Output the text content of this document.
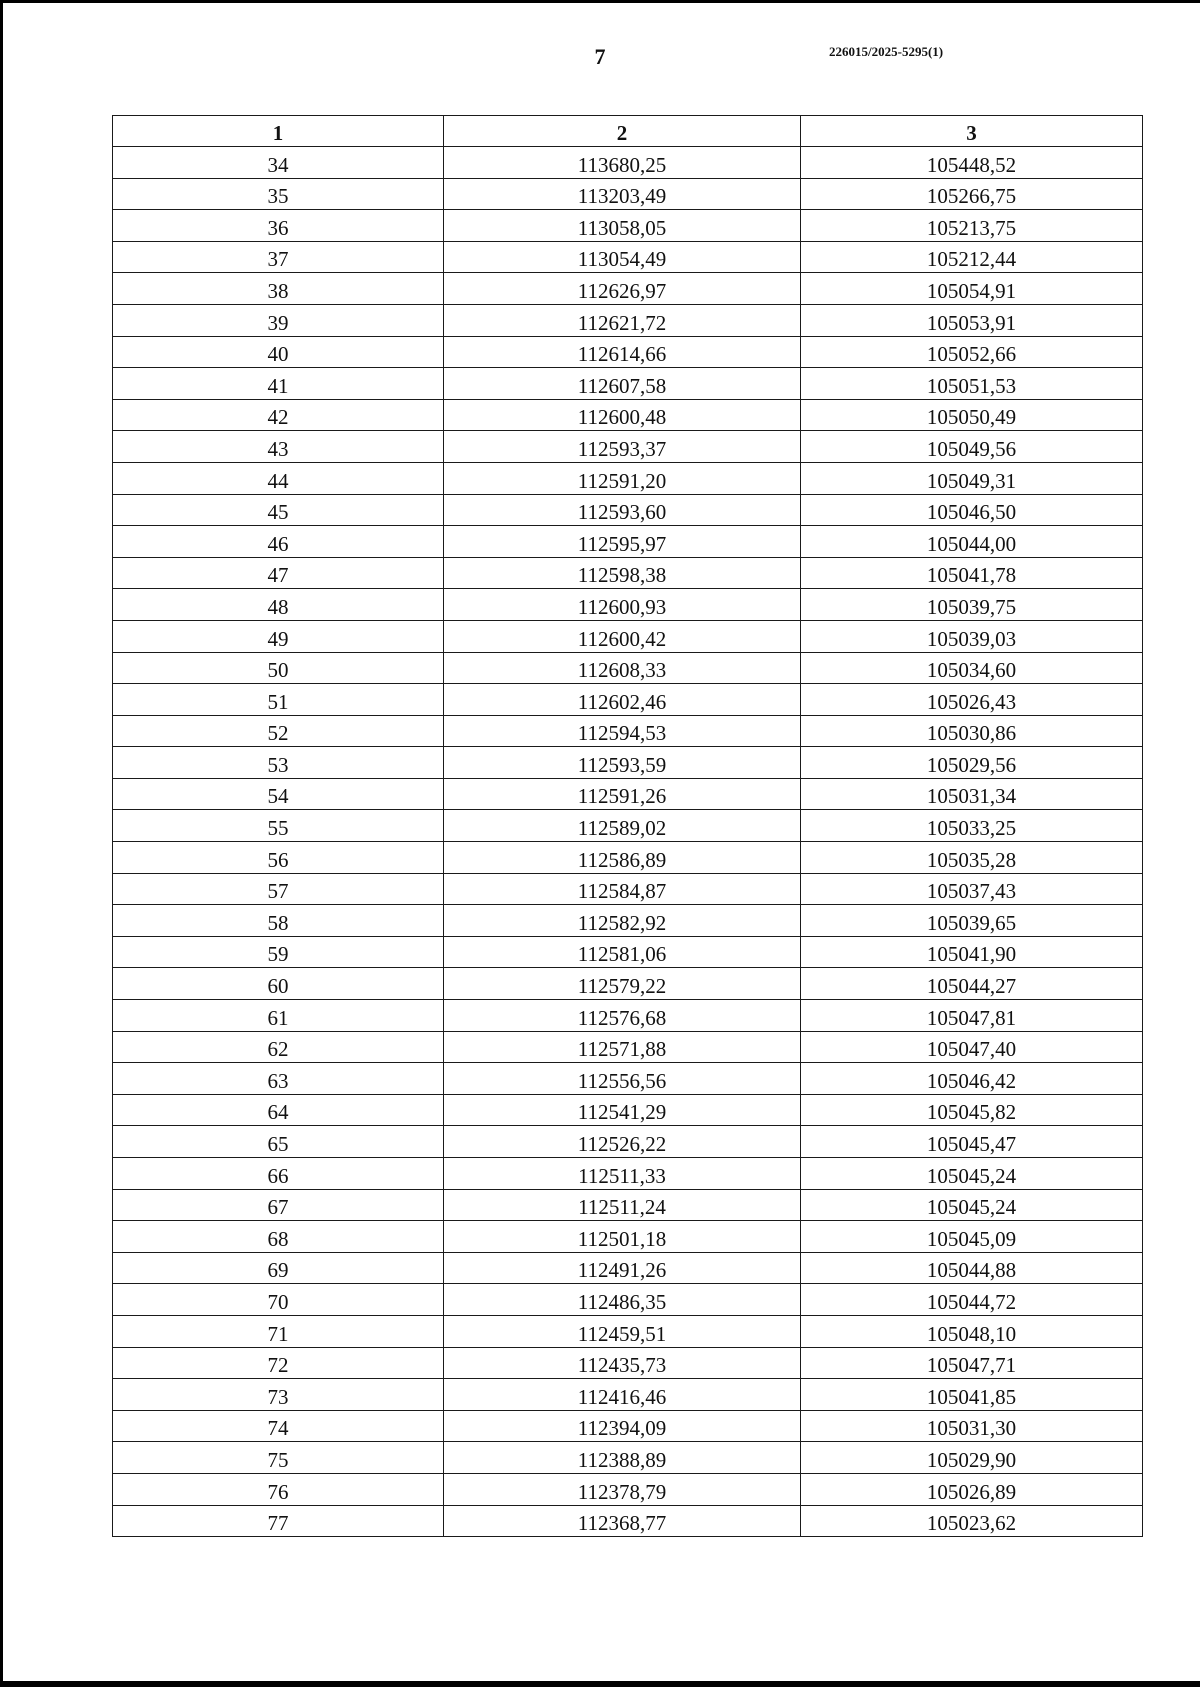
7	226015/2025-5295(1)
1	2	3
34	113680,25	105448,52
35	113203,49	105266,75
36	113058,05	105213,75
37	113054,49	105212,44
38	112626,97	105054,91
39	112621,72	105053,91
40	112614,66	105052,66
41	112607,58	105051,53
42	112600,48	105050,49
43	112593,37	105049,56
44	112591,20	105049,31
45	112593,60	105046,50
46	112595,97	105044,00
47	112598,38	105041,78
48	112600,93	105039,75
49	112600,42	105039,03
50	112608,33	105034,60
51	112602,46	105026,43
52	112594,53	105030,86
53	112593,59	105029,56
54	112591,26	105031,34
55	112589,02	105033,25
56	112586,89	105035,28
57	112584,87	105037,43
58	112582,92	105039,65
59	112581,06	105041,90
60	112579,22	105044,27
61	112576,68	105047,81
62	112571,88	105047,40
63	112556,56	105046,42
64	112541,29	105045,82
65	112526,22	105045,47
66	112511,33	105045,24
67	112511,24	105045,24
68	112501,18	105045,09
69	112491,26	105044,88
70	112486,35	105044,72
71	112459,51	105048,10
72	112435,73	105047,71
73	112416,46	105041,85
74	112394,09	105031,30
75	112388,89	105029,90
76	112378,79	105026,89
77	112368,77	105023,62
